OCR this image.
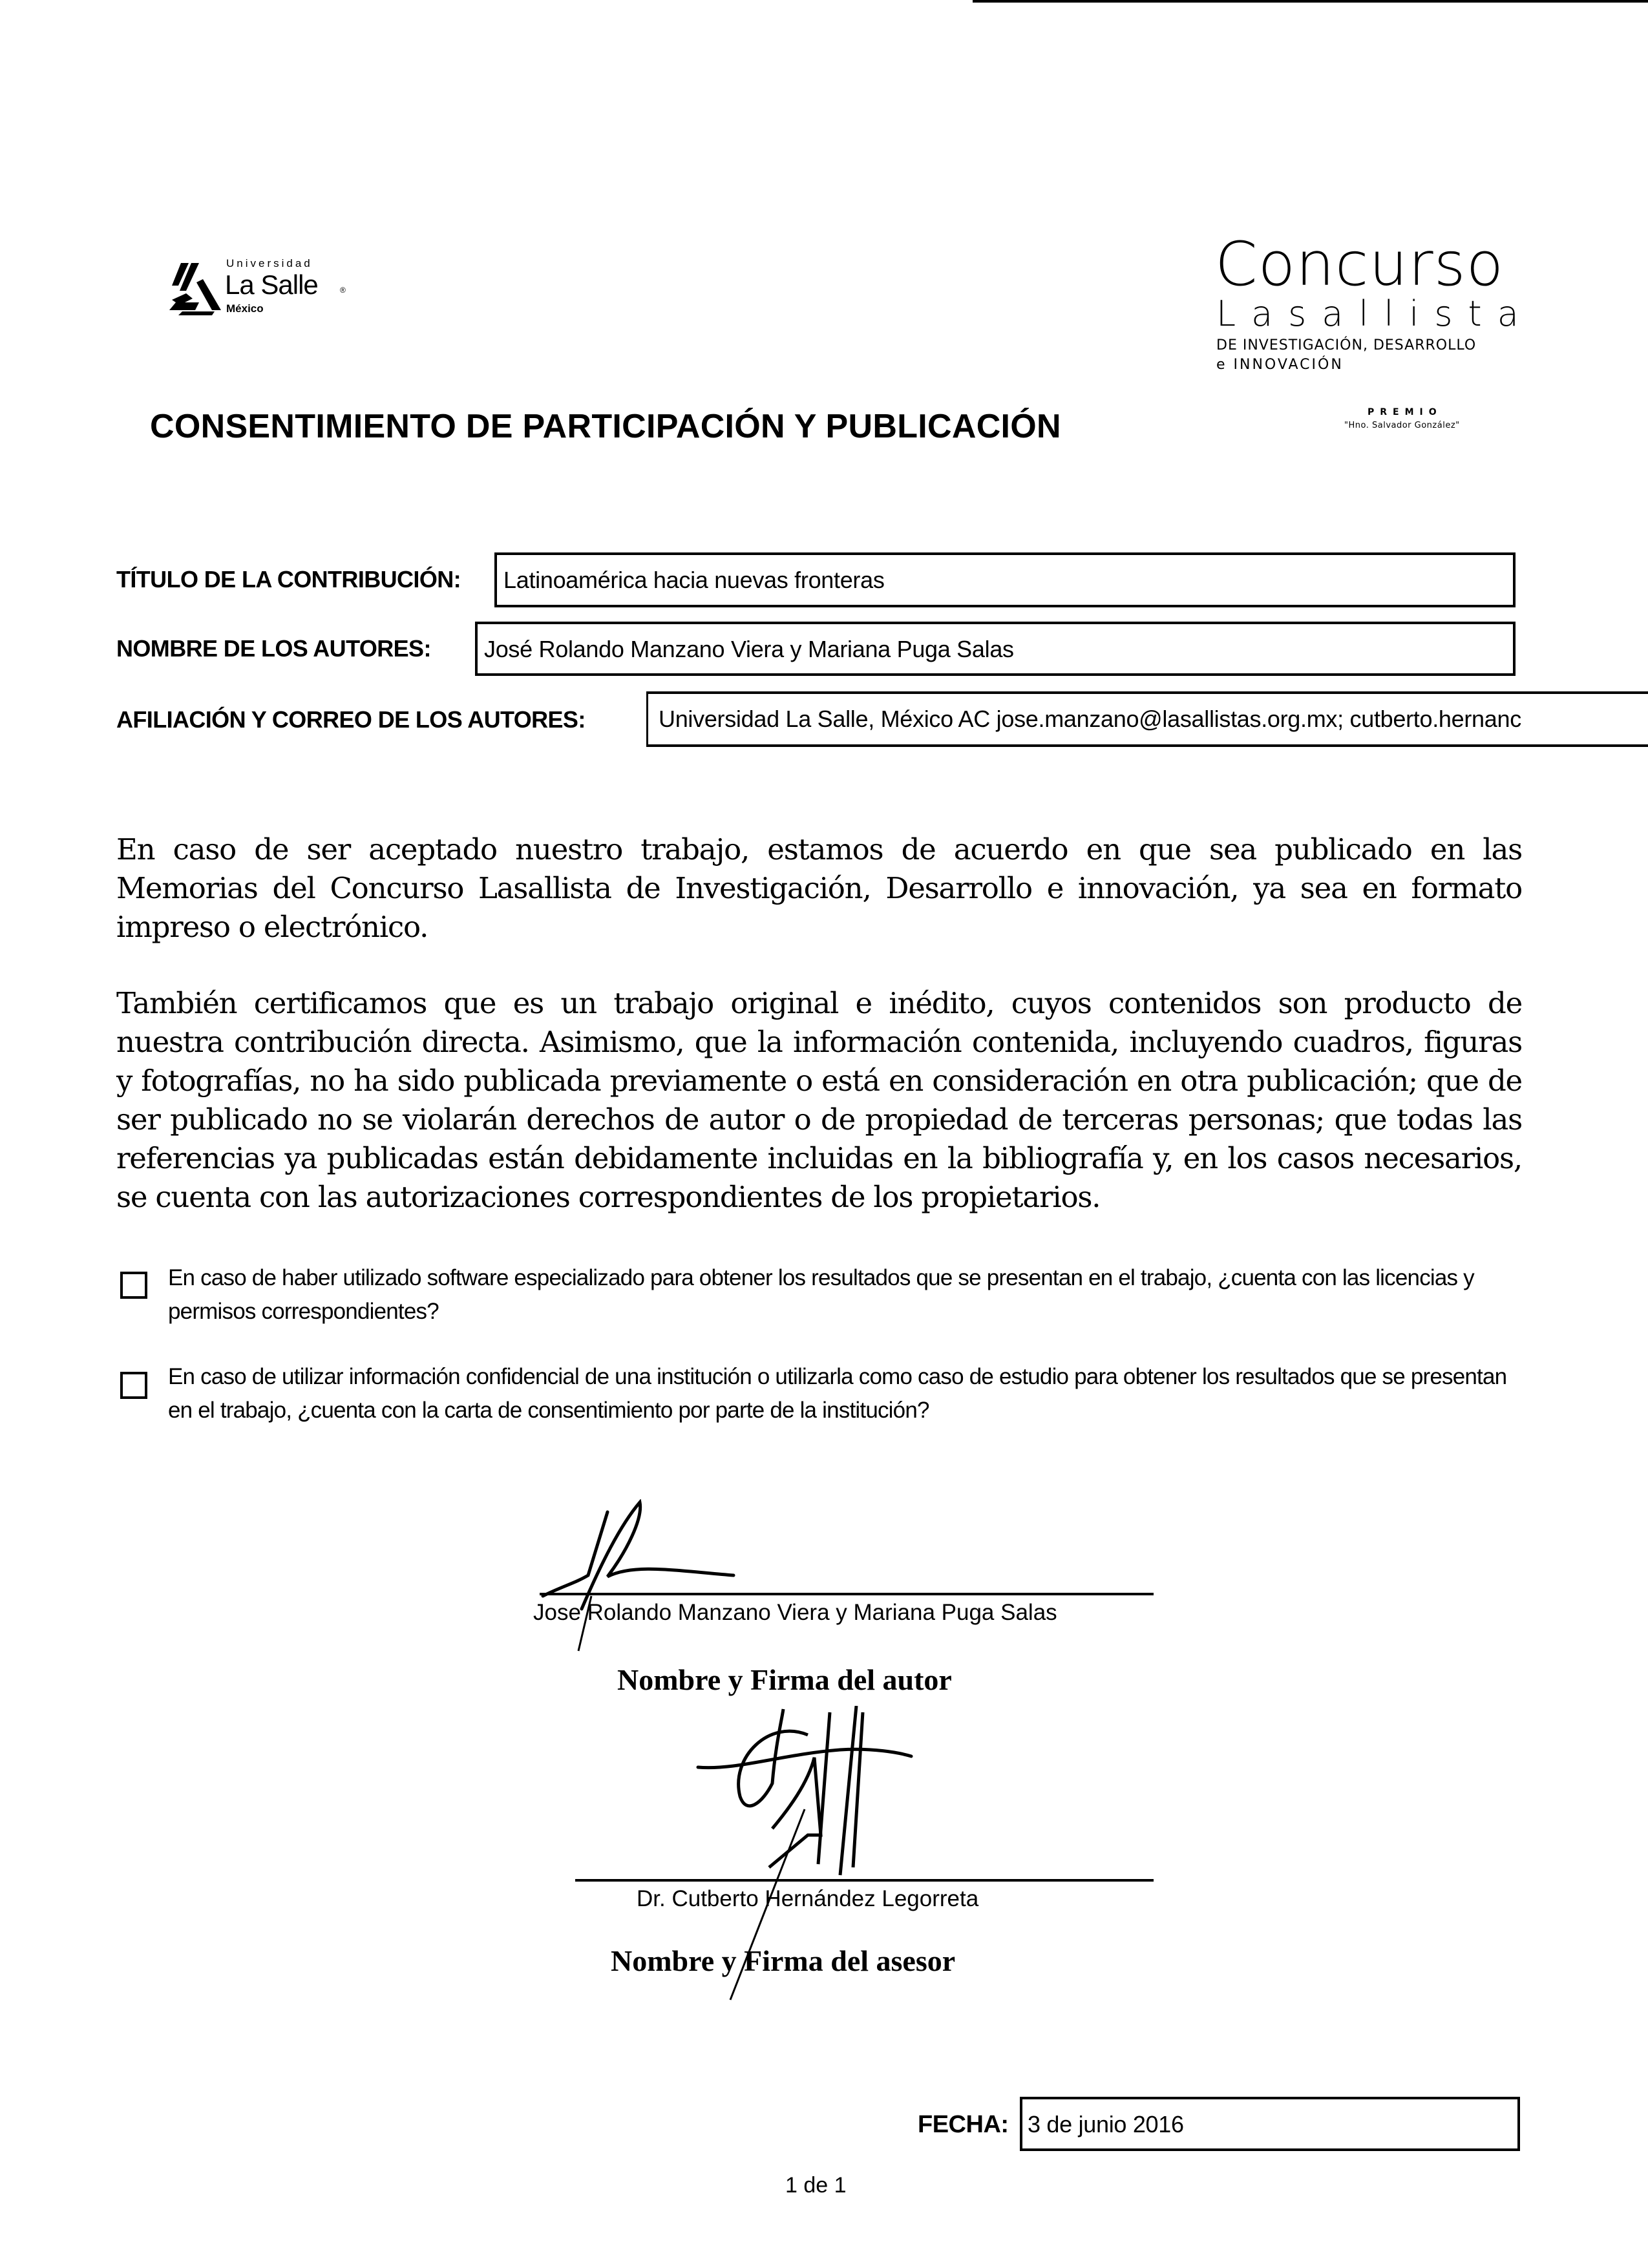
Universidad
La Salle	®
México
Concurso
Lasallista
DE INVESTIGACIÓN, DESARROLLO
e INNOVACIÓN
PREMIO
"Hno. Salvador González"
CONSENTIMIENTO DE PARTICIPACIÓN Y PUBLICACIÓN
TÍTULO DE LA CONTRIBUCIÓN: Latinoamérica hacia nuevas fronteras
NOMBRE DE LOS AUTORES: José Rolando Manzano Viera y Mariana Puga Salas
AFILIACIÓN Y CORREO DE LOS AUTORES:	Universidad La Salle, México AC jose.manzano@lasallistas.org.mx; cutberto.hernanc
En caso de ser aceptado nuestro trabajo, estamos de acuerdo en que sea publicado en las Memorias del Concurso Lasallista de Investigación, Desarrollo e innovación, ya sea en formato impreso o electrónico.
También certificamos que es un trabajo original e inédito, cuyos contenidos son producto de nuestra contribución directa. Asimismo, que la información contenida, incluyendo cuadros, figuras y fotografías, no ha sido publicada previamente o está en consideración en otra publicación; que de ser publicado no se violarán derechos de autor o de propiedad de terceras personas; que todas las referencias ya publicadas están debidamente incluidas en la bibliografía y, en los casos necesarios, se cuenta con las autorizaciones correspondientes de los propietarios.
En caso de haber utilizado software especializado para obtener los resultados que se presentan en el trabajo, ¿cuenta con las licencias y permisos correspondientes?
En caso de utilizar información confidencial de una institución o utilizarla como caso de estudio para obtener los resultados que se presentan en el trabajo, ¿cuenta con la carta de consentimiento por parte de la institución?
Jose Rolando Manzano Viera y Mariana Puga Salas
Nombre y Firma del autor
Dr. Cutberto Hernández Legorreta
Nombre y Firma del asesor
FECHA: 3 de junio 2016
1 de 1
